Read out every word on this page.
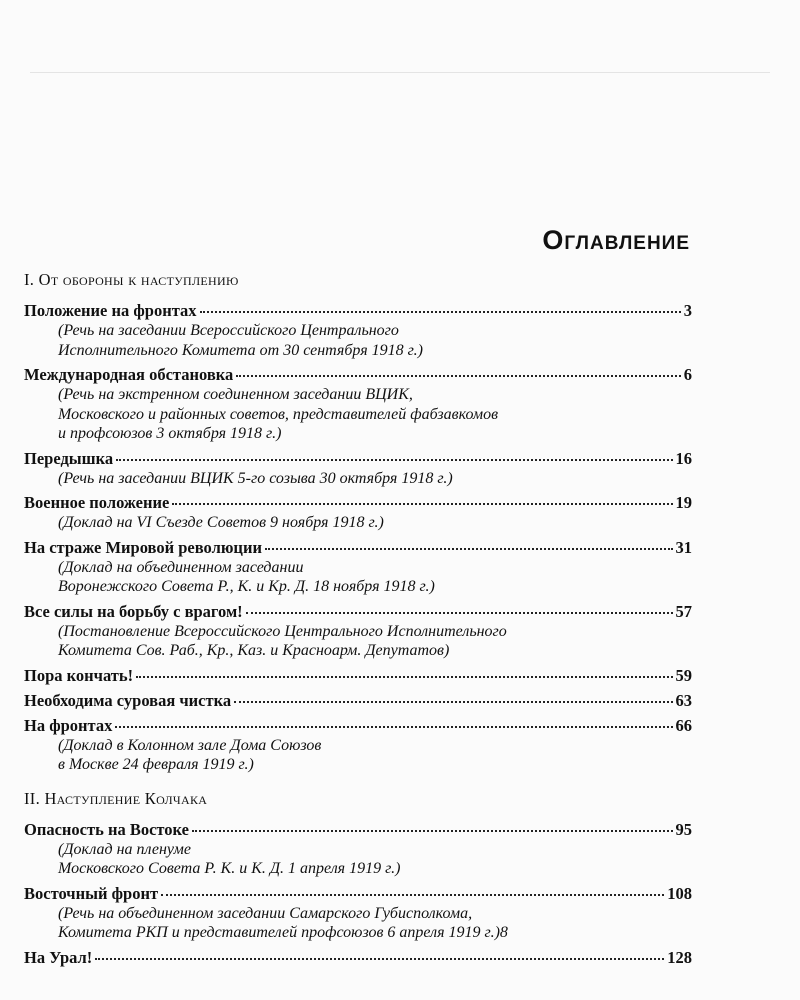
Оглавление
I. От обороны к наступлению
Положение на фронтах	3
(Речь на заседании Всероссийского Центрального
Исполнительного Комитета от 30 сентября 1918 г.)
Международная обстановка	6
(Речь на экстренном соединенном заседании ВЦИК,
Московского и районных советов, представителей фабзавкомов
и профсоюзов 3 октября 1918 г.)
Передышка	16
(Речь на заседании ВЦИК 5-го созыва 30 октября 1918 г.)
Военное положение	19
(Доклад на VI Съезде Советов 9 ноября 1918 г.)
На страже Мировой революции	31
(Доклад на объединенном заседании
Воронежского Совета Р., К. и Кр. Д. 18 ноября 1918 г.)
Все силы на борьбу с врагом!	57
(Постановление Всероссийского Центрального Исполнительного
Комитета Сов. Раб., Кр., Каз. и Красноарм. Депутатов)
Пора кончать!	59
Необходима суровая чистка	63
На фронтах	66
(Доклад в Колонном зале Дома Союзов
в Москве 24 февраля 1919 г.)
II. Наступление Колчака
Опасность на Востоке	95
(Доклад на пленуме
Московского Совета Р. К. и К. Д. 1 апреля 1919 г.)
Восточный фронт	108
(Речь на объединенном заседании Самарского Губисполкома,
Комитета РКП и представителей профсоюзов 6 апреля 1919 г.)8
На Урал!	128
